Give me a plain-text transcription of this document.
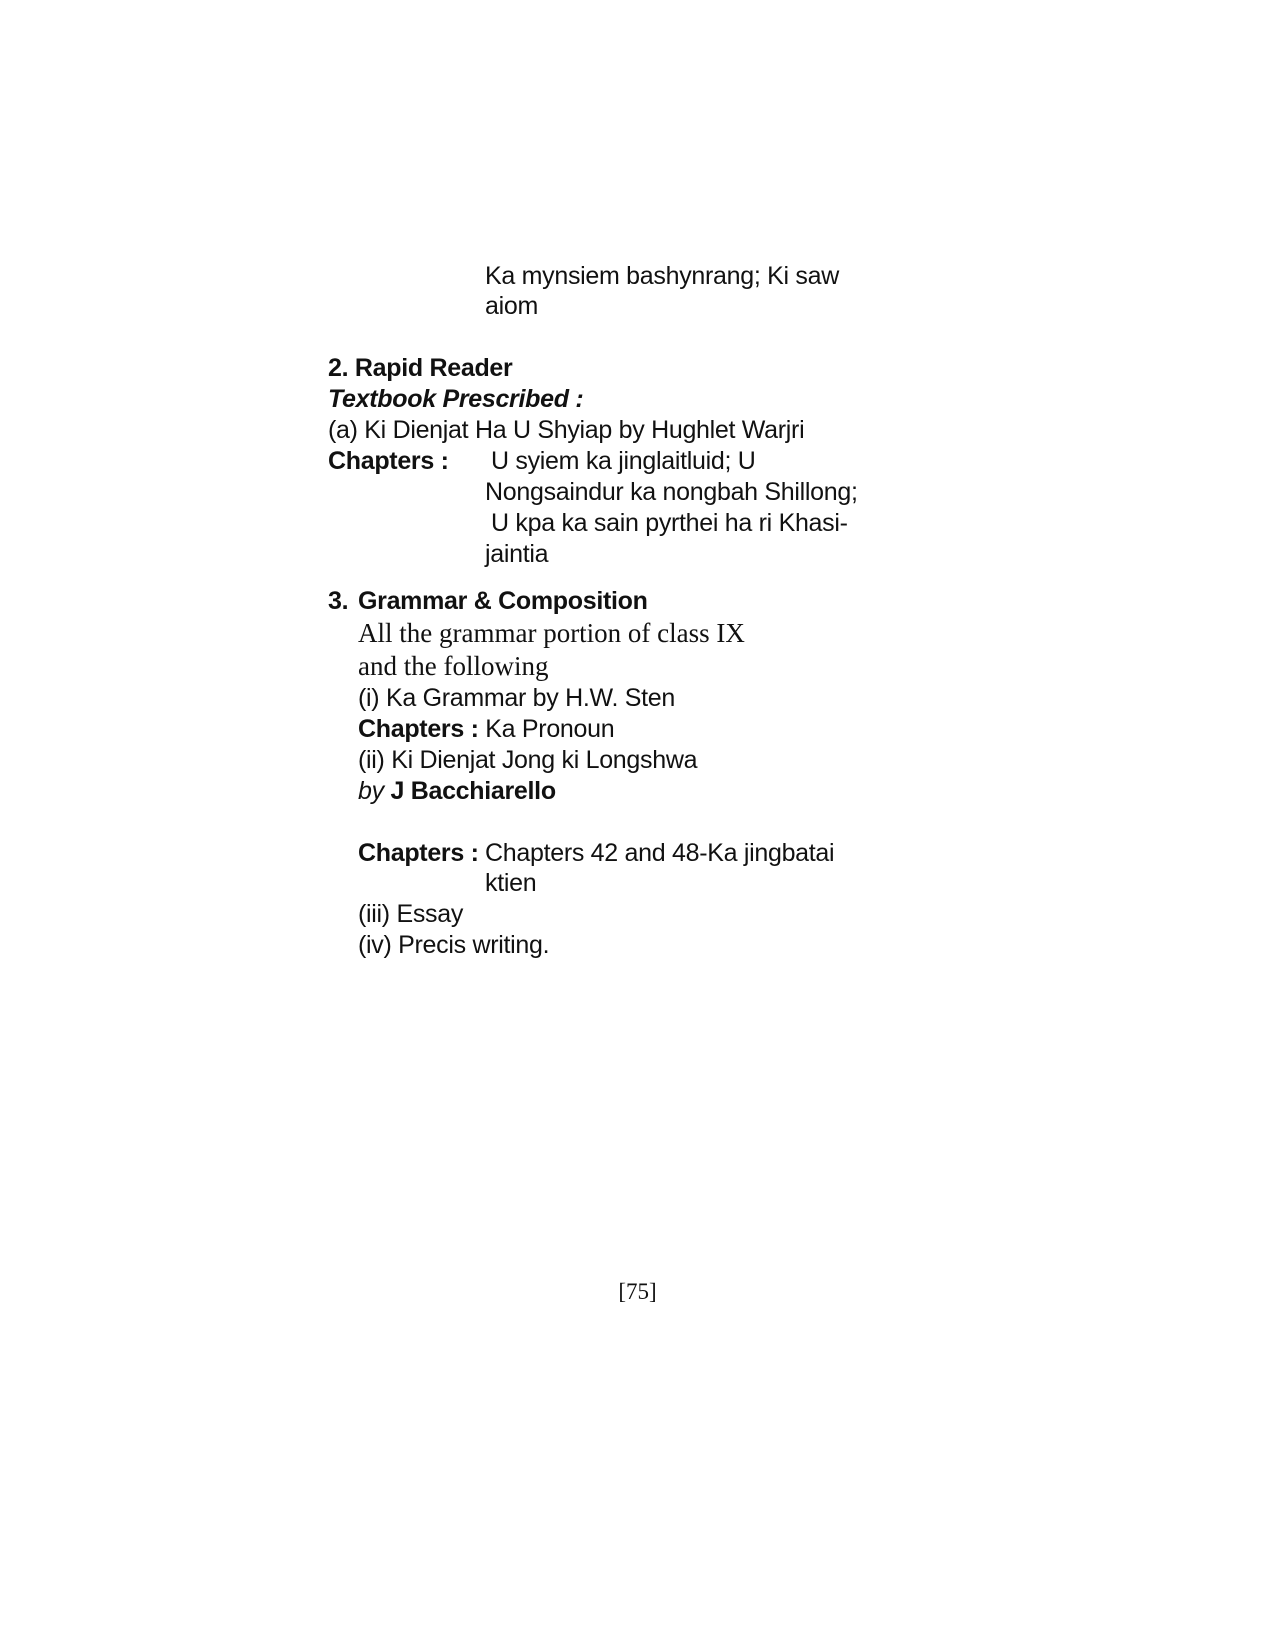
Ka mynsiem bashynrang; Ki saw
aiom
2. Rapid Reader
Textbook Prescribed :
(a) Ki Dienjat Ha U Shyiap by Hughlet Warjri
Chapters : U syiem ka jinglaitluid; U
Nongsaindur ka nongbah Shillong;
U kpa ka sain pyrthei ha ri Khasi-
jaintia
3. Grammar & Composition
All the grammar portion of class IX
and the following
(i) Ka Grammar by H.W. Sten
Chapters : Ka Pronoun
(ii) Ki Dienjat Jong ki Longshwa
by J Bacchiarello
Chapters : Chapters 42 and 48-Ka jingbatai
ktien
(iii) Essay
(iv) Precis writing.
[75]
